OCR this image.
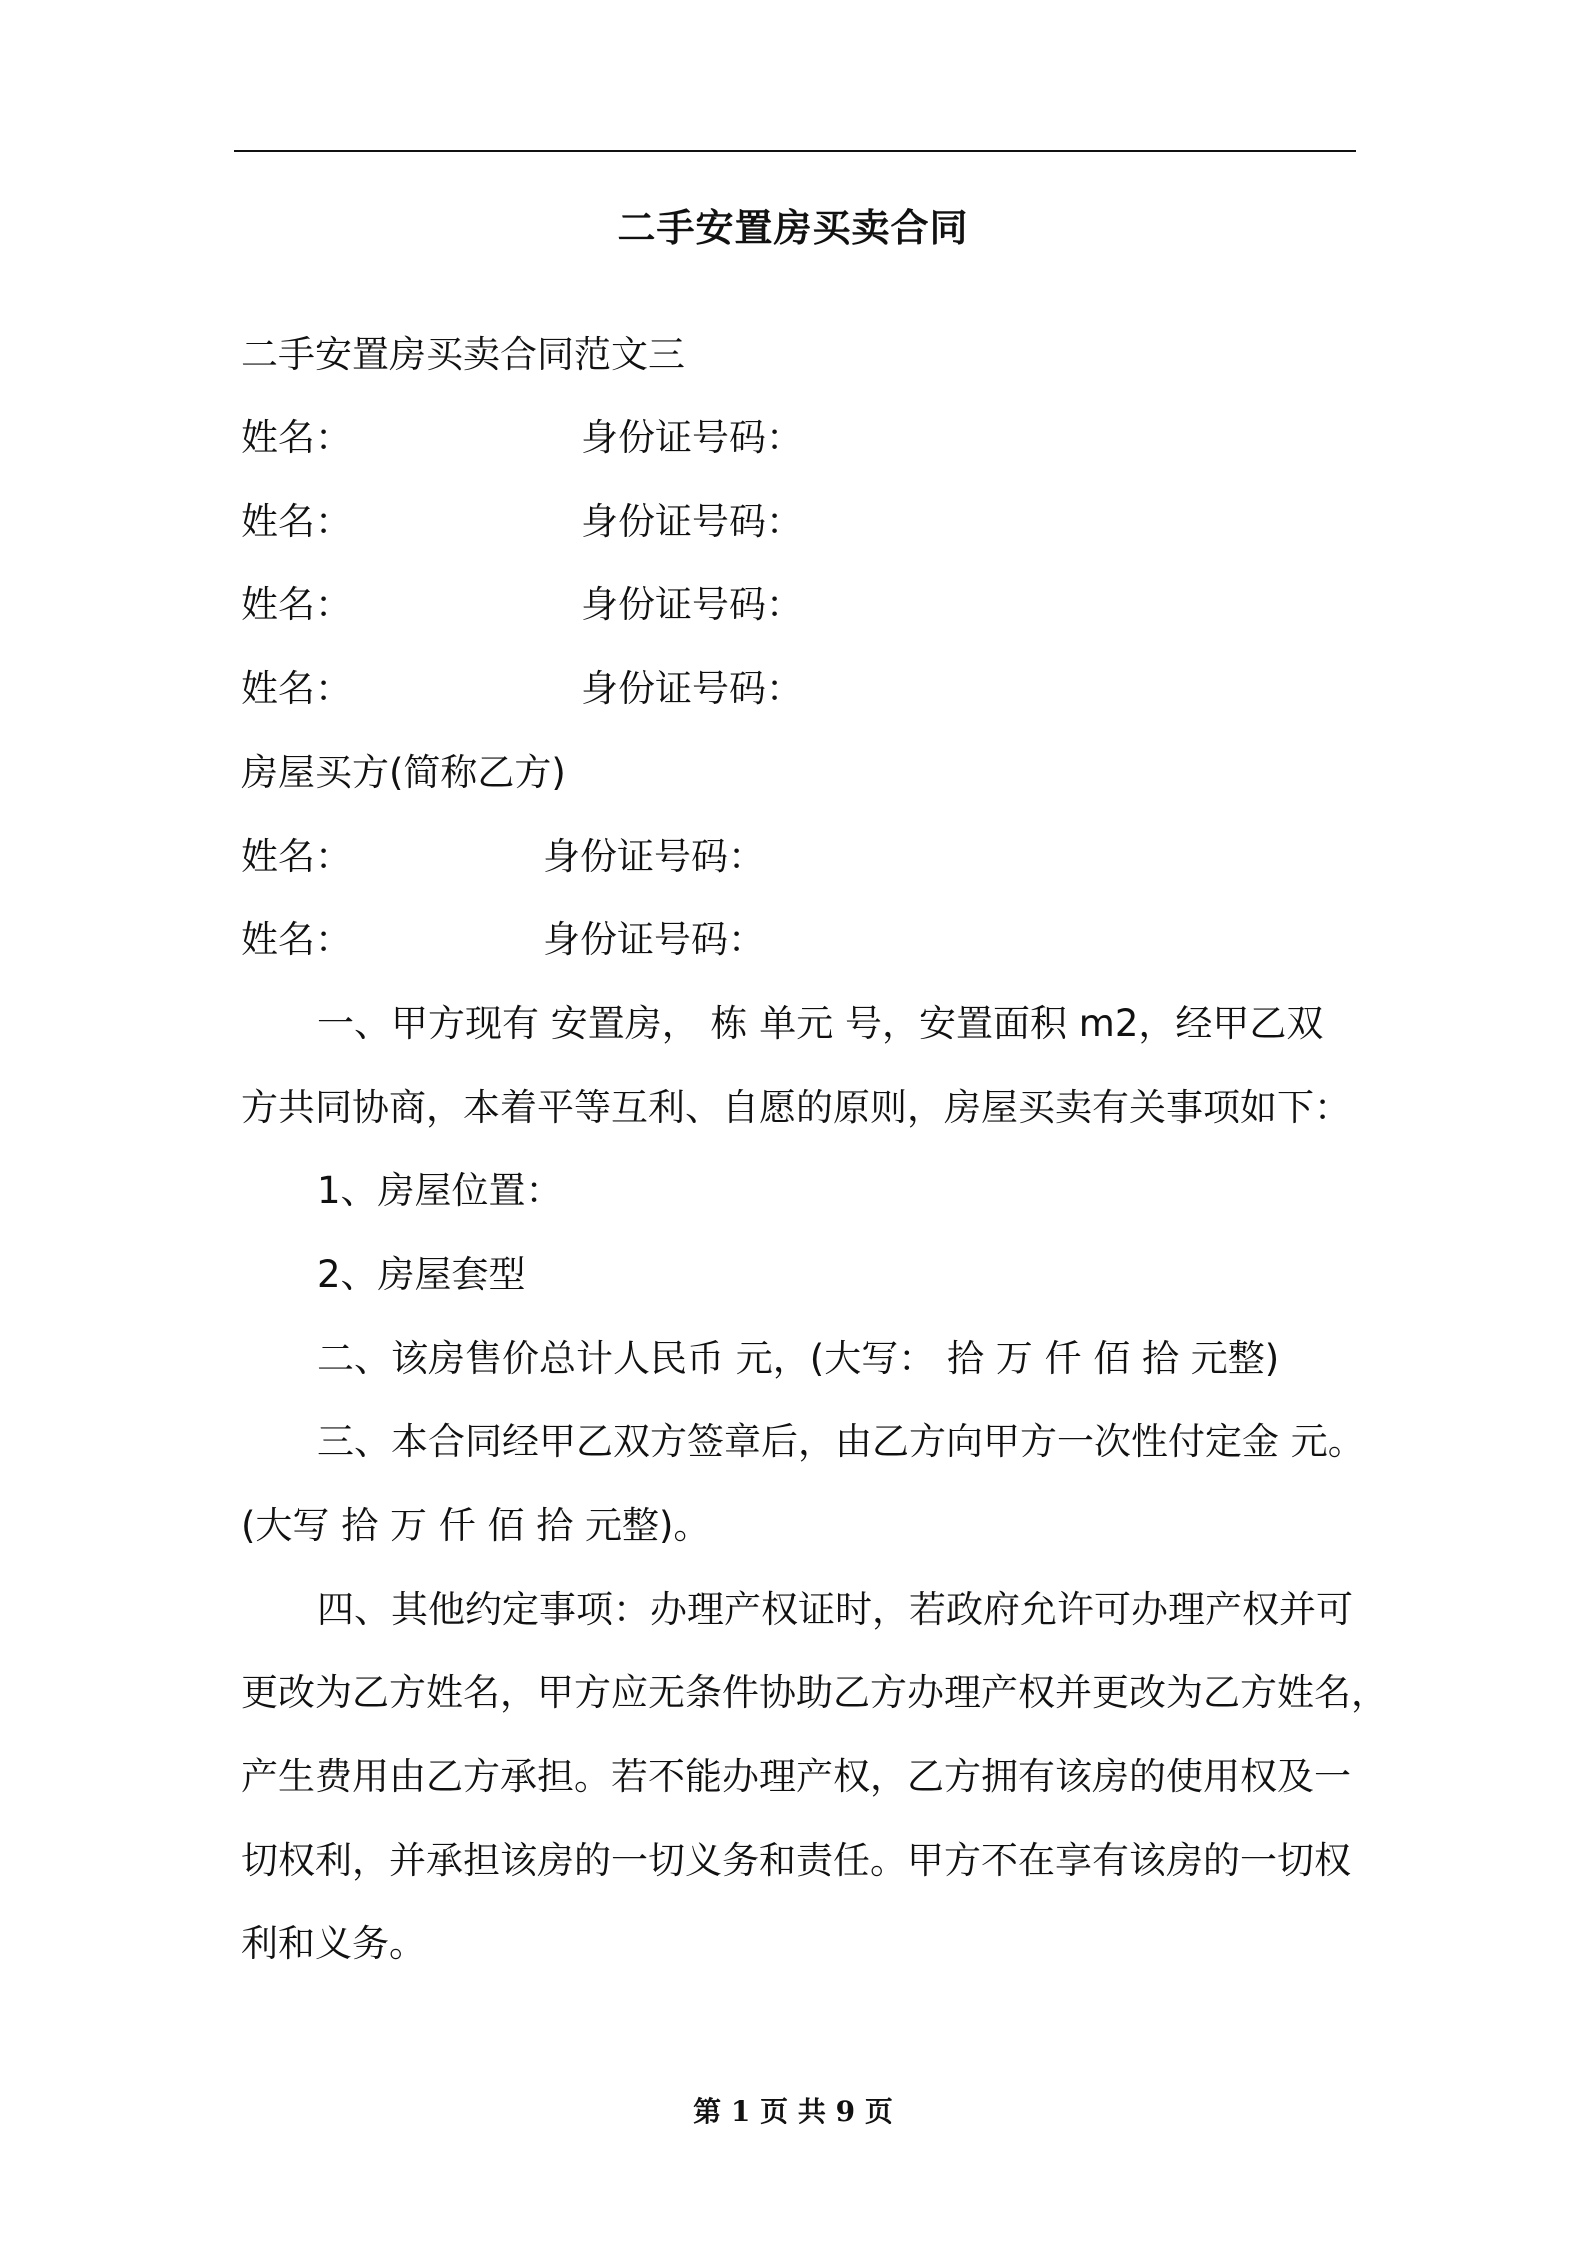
二手安置房买卖合同
二手安置房买卖合同范文三
姓名：	身份证号码：
姓名：	身份证号码：
姓名：	身份证号码：
姓名：	身份证号码：
房屋买方(简称乙方)
姓名：	身份证号码：
姓名：	身份证号码：
一、甲方现有 安置房， 栋 单元 号，安置面积 m2，经甲乙双
方共同协商，本着平等互利、自愿的原则，房屋买卖有关事项如下：
1、房屋位置：
2、房屋套型
二、该房售价总计人民币 元，(大写： 拾 万 仟 佰 拾 元整)
三、本合同经甲乙双方签章后，由乙方向甲方一次性付定金 元。
(大写 拾 万 仟 佰 拾 元整)。
四、其他约定事项：办理产权证时，若政府允许可办理产权并可
更改为乙方姓名，甲方应无条件协助乙方办理产权并更改为乙方姓名，
产生费用由乙方承担。若不能办理产权，乙方拥有该房的使用权及一
切权利，并承担该房的一切义务和责任。甲方不在享有该房的一切权
利和义务。
第 1 页 共 9 页
